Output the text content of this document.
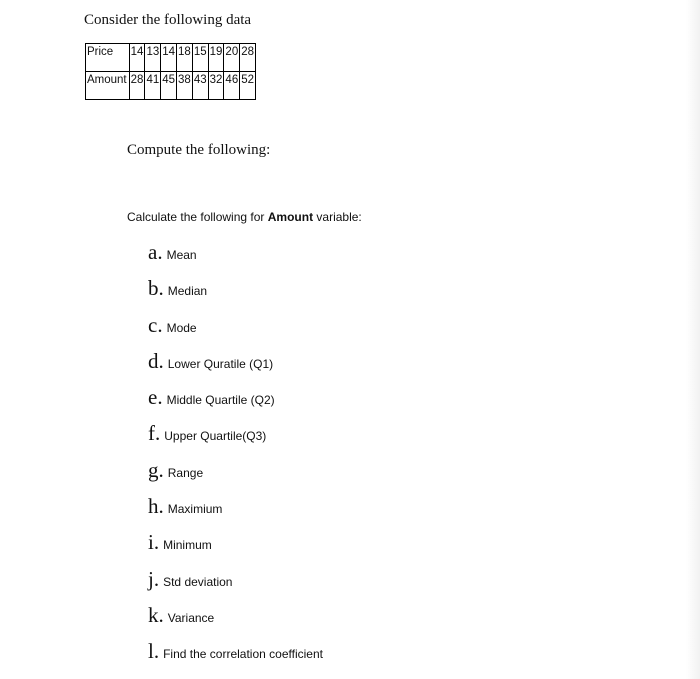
Consider the following data

Price	14	13	14	18	15	19	20	28
Amount	28	41	45	38	43	32	46	52

Compute the following:

Calculate the following for Amount variable:

a. Mean
b. Median
c. Mode
d. Lower Quratile (Q1)
e. Middle Quartile (Q2)
f. Upper Quartile(Q3)
g. Range
h. Maximium
i. Minimum
j. Std deviation
k. Variance
l. Find the correlation coefficient
